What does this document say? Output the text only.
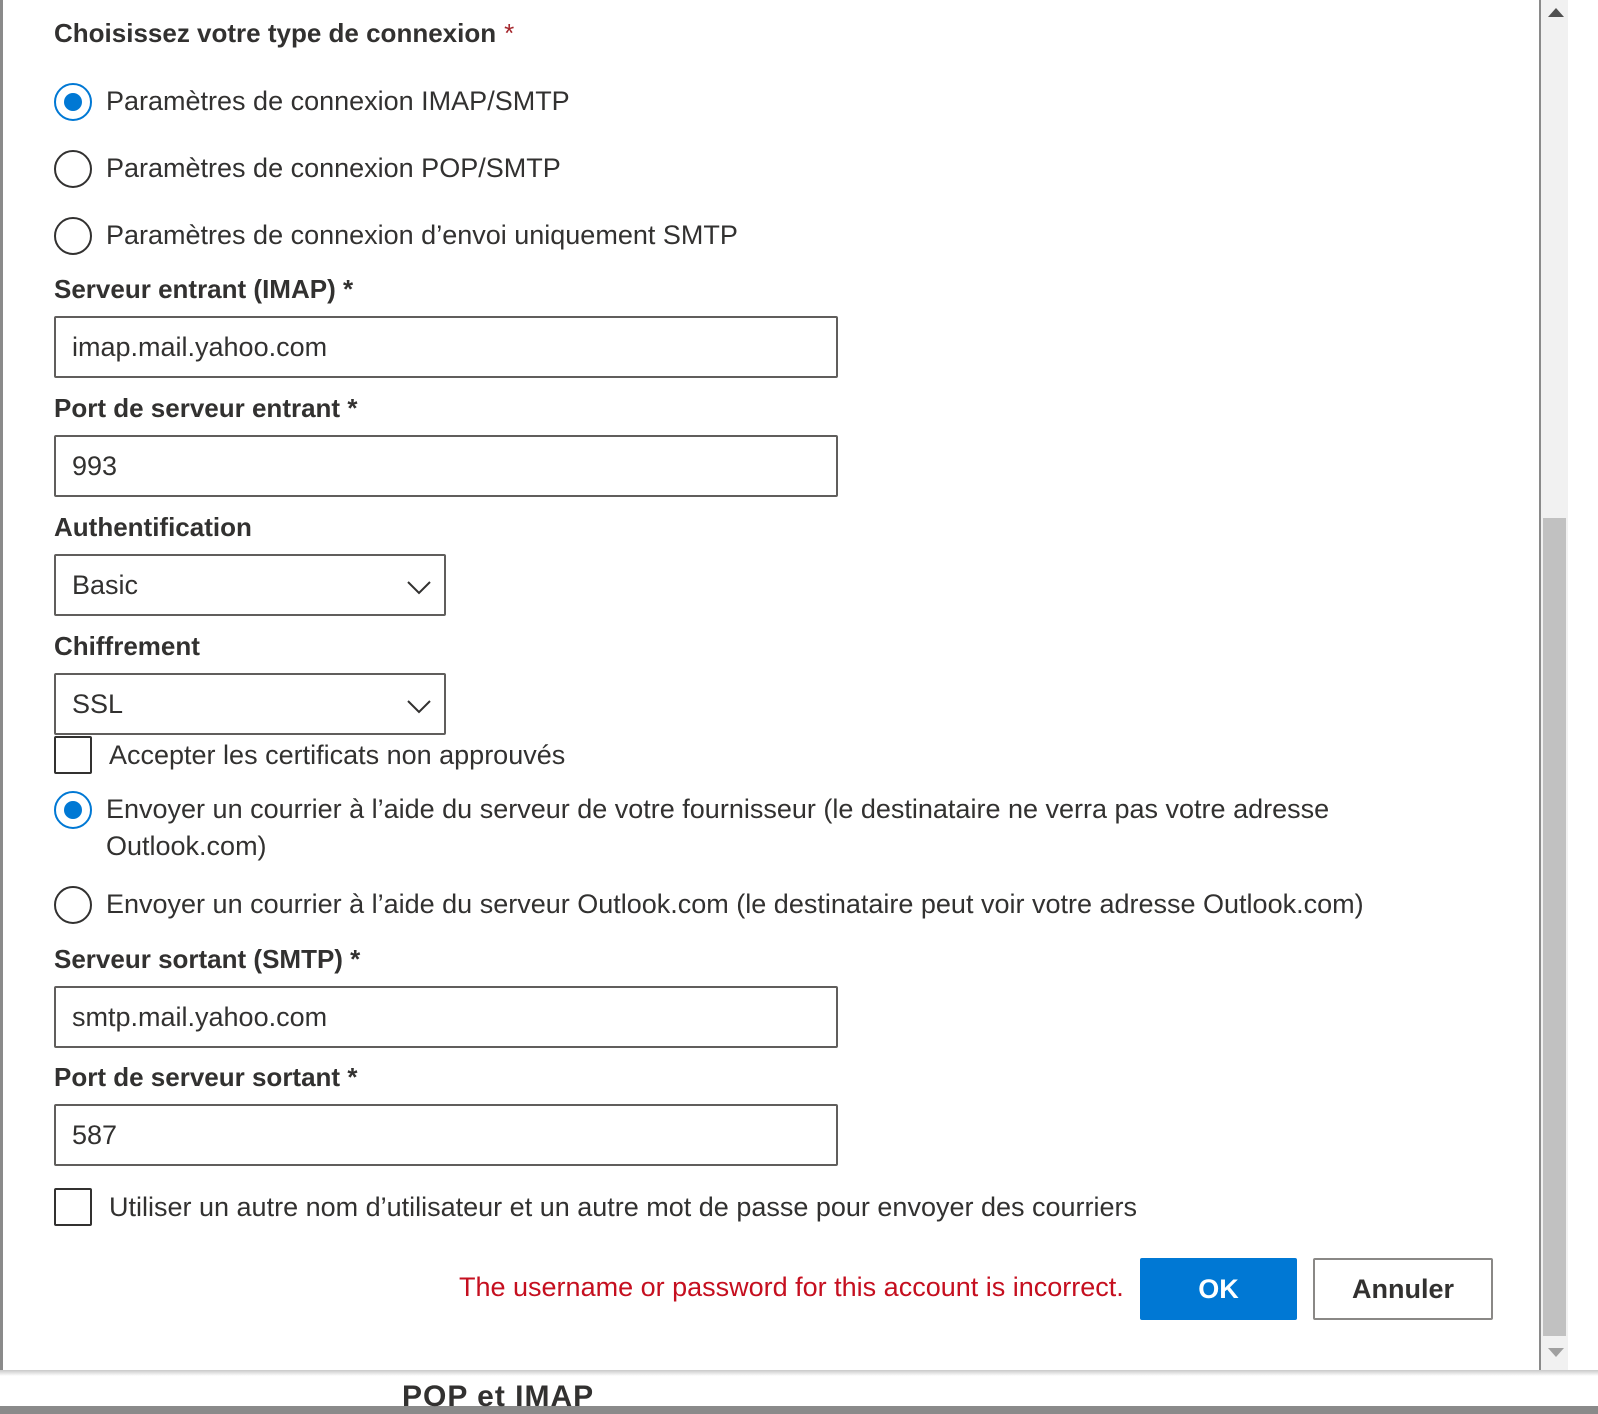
Choisissez votre type de connexion *
Paramètres de connexion IMAP/SMTP
Paramètres de connexion POP/SMTP
Paramètres de connexion d’envoi uniquement SMTP
Serveur entrant (IMAP) *
imap.mail.yahoo.com
Port de serveur entrant *
993
Authentification
Basic
Chiffrement
SSL
Accepter les certificats non approuvés
Envoyer un courrier à l’aide du serveur de votre fournisseur (le destinataire ne verra pas votre adresse
Outlook.com)
Envoyer un courrier à l’aide du serveur Outlook.com (le destinataire peut voir votre adresse Outlook.com)
Serveur sortant (SMTP) *
smtp.mail.yahoo.com
Port de serveur sortant *
587
Utiliser un autre nom d’utilisateur et un autre mot de passe pour envoyer des courriers
The username or password for this account is incorrect.	OK	Annuler
POP et IMAP
